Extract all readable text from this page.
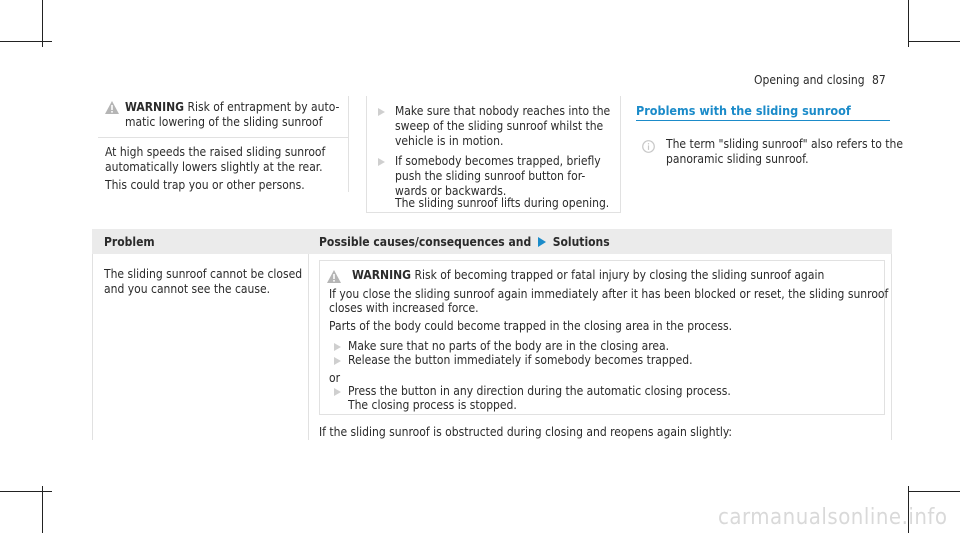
Opening and closing 87
WARNING Risk of entrapment by auto-
matic lowering of the sliding sunroof
At high speeds the raised sliding sunroof
automatically lowers slightly at the rear.
This could trap you or other persons.
Make sure that nobody reaches into the
sweep of the sliding sunroof whilst the
vehicle is in motion.
If somebody becomes trapped, briefly
push the sliding sunroof button for-
wards or backwards.
The sliding sunroof lifts during opening.
Problems with the sliding sunroof
The term "sliding sunroof" also refers to the
panoramic sliding sunroof.
Problem	Possible causes/consequences and Solutions
The sliding sunroof cannot be closed
and you cannot see the cause.
WARNING Risk of becoming trapped or fatal injury by closing the sliding sunroof again
If you close the sliding sunroof again immediately after it has been blocked or reset, the sliding sunroof
closes with increased force.
Parts of the body could become trapped in the closing area in the process.
Make sure that no parts of the body are in the closing area.
Release the button immediately if somebody becomes trapped.
or
Press the button in any direction during the automatic closing process.
The closing process is stopped.
If the sliding sunroof is obstructed during closing and reopens again slightly:
carmanualsonline.info
